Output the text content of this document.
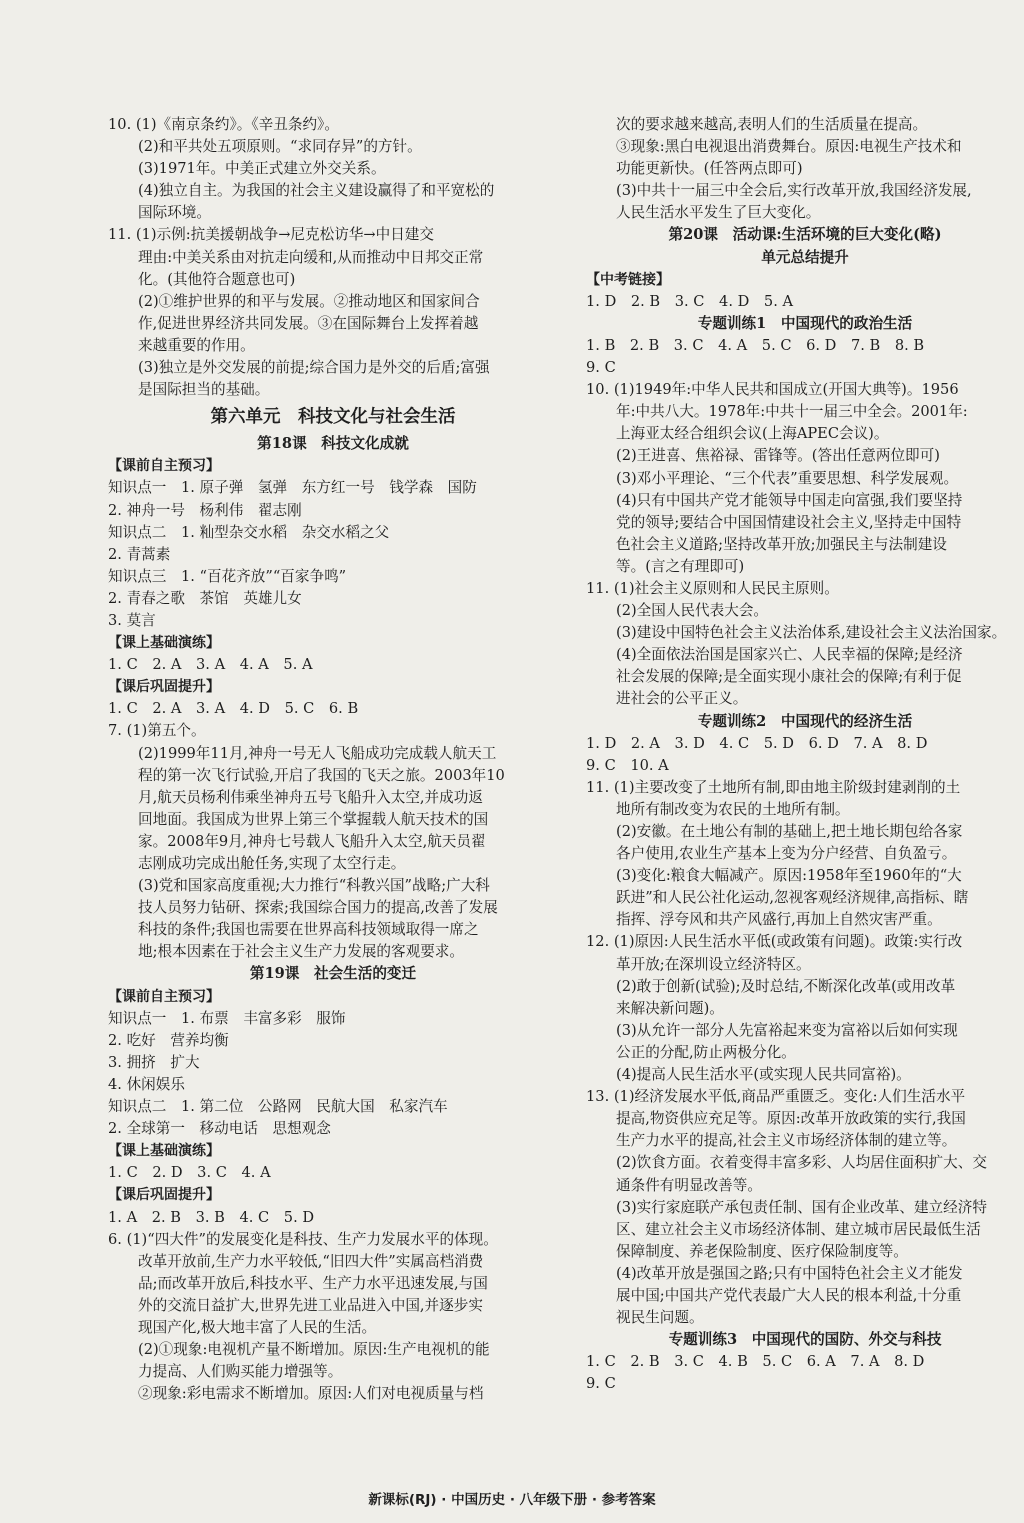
10. (1)《南京条约》。《辛丑条约》。
(2)和平共处五项原则。“求同存异”的方针。
(3)1971年。中美正式建立外交关系。
(4)独立自主。为我国的社会主义建设赢得了和平宽松的
国际环境。
11. (1)示例:抗美援朝战争→尼克松访华→中日建交
理由:中美关系由对抗走向缓和,从而推动中日邦交正常
化。(其他符合题意也可)
(2)①维护世界的和平与发展。②推动地区和国家间合
作,促进世界经济共同发展。③在国际舞台上发挥着越
来越重要的作用。
(3)独立是外交发展的前提;综合国力是外交的后盾;富强
是国际担当的基础。
第六单元　科技文化与社会生活
第18课　科技文化成就
【课前自主预习】
知识点一　1. 原子弹　氢弹　东方红一号　钱学森　国防
2. 神舟一号　杨利伟　翟志刚
知识点二　1. 籼型杂交水稻　杂交水稻之父
2. 青蒿素
知识点三　1. “百花齐放”“百家争鸣”
2. 青春之歌　茶馆　英雄儿女
3. 莫言
【课上基础演练】
1. C　2. A　3. A　4. A　5. A
【课后巩固提升】
1. C　2. A　3. A　4. D　5. C　6. B
7. (1)第五个。
(2)1999年11月,神舟一号无人飞船成功完成载人航天工
程的第一次飞行试验,开启了我国的飞天之旅。2003年10
月,航天员杨利伟乘坐神舟五号飞船升入太空,并成功返
回地面。我国成为世界上第三个掌握载人航天技术的国
家。2008年9月,神舟七号载人飞船升入太空,航天员翟
志刚成功完成出舱任务,实现了太空行走。
(3)党和国家高度重视;大力推行“科教兴国”战略;广大科
技人员努力钻研、探索;我国综合国力的提高,改善了发展
科技的条件;我国也需要在世界高科技领域取得一席之
地;根本因素在于社会主义生产力发展的客观要求。
第19课　社会生活的变迁
【课前自主预习】
知识点一　1. 布票　丰富多彩　服饰
2. 吃好　营养均衡
3. 拥挤　扩大
4. 休闲娱乐
知识点二　1. 第二位　公路网　民航大国　私家汽车
2. 全球第一　移动电话　思想观念
【课上基础演练】
1. C　2. D　3. C　4. A
【课后巩固提升】
1. A　2. B　3. B　4. C　5. D
6. (1)“四大件”的发展变化是科技、生产力发展水平的体现。
改革开放前,生产力水平较低,“旧四大件”实属高档消费
品;而改革开放后,科技水平、生产力水平迅速发展,与国
外的交流日益扩大,世界先进工业品进入中国,并逐步实
现国产化,极大地丰富了人民的生活。
(2)①现象:电视机产量不断增加。原因:生产电视机的能
力提高、人们购买能力增强等。
②现象:彩电需求不断增加。原因:人们对电视质量与档
次的要求越来越高,表明人们的生活质量在提高。
③现象:黑白电视退出消费舞台。原因:电视生产技术和
功能更新快。(任答两点即可)
(3)中共十一届三中全会后,实行改革开放,我国经济发展,
人民生活水平发生了巨大变化。
第20课　活动课:生活环境的巨大变化(略)
单元总结提升
【中考链接】
1. D　2. B　3. C　4. D　5. A
专题训练1　中国现代的政治生活
1. B　2. B　3. C　4. A　5. C　6. D　7. B　8. B
9. C
10. (1)1949年:中华人民共和国成立(开国大典等)。1956
年:中共八大。1978年:中共十一届三中全会。2001年:
上海亚太经合组织会议(上海APEC会议)。
(2)王进喜、焦裕禄、雷锋等。(答出任意两位即可)
(3)邓小平理论、“三个代表”重要思想、科学发展观。
(4)只有中国共产党才能领导中国走向富强,我们要坚持
党的领导;要结合中国国情建设社会主义,坚持走中国特
色社会主义道路;坚持改革开放;加强民主与法制建设
等。(言之有理即可)
11. (1)社会主义原则和人民民主原则。
(2)全国人民代表大会。
(3)建设中国特色社会主义法治体系,建设社会主义法治国家。
(4)全面依法治国是国家兴亡、人民幸福的保障;是经济
社会发展的保障;是全面实现小康社会的保障;有利于促
进社会的公平正义。
专题训练2　中国现代的经济生活
1. D　2. A　3. D　4. C　5. D　6. D　7. A　8. D
9. C　10. A
11. (1)主要改变了土地所有制,即由地主阶级封建剥削的土
地所有制改变为农民的土地所有制。
(2)安徽。在土地公有制的基础上,把土地长期包给各家
各户使用,农业生产基本上变为分户经营、自负盈亏。
(3)变化:粮食大幅减产。原因:1958年至1960年的“大
跃进”和人民公社化运动,忽视客观经济规律,高指标、瞎
指挥、浮夸风和共产风盛行,再加上自然灾害严重。
12. (1)原因:人民生活水平低(或政策有问题)。政策:实行改
革开放;在深圳设立经济特区。
(2)敢于创新(试验);及时总结,不断深化改革(或用改革
来解决新问题)。
(3)从允许一部分人先富裕起来变为富裕以后如何实现
公正的分配,防止两极分化。
(4)提高人民生活水平(或实现人民共同富裕)。
13. (1)经济发展水平低,商品严重匮乏。变化:人们生活水平
提高,物资供应充足等。原因:改革开放政策的实行,我国
生产力水平的提高,社会主义市场经济体制的建立等。
(2)饮食方面。衣着变得丰富多彩、人均居住面积扩大、交
通条件有明显改善等。
(3)实行家庭联产承包责任制、国有企业改革、建立经济特
区、建立社会主义市场经济体制、建立城市居民最低生活
保障制度、养老保险制度、医疗保险制度等。
(4)改革开放是强国之路;只有中国特色社会主义才能发
展中国;中国共产党代表最广大人民的根本利益,十分重
视民生问题。
专题训练3　中国现代的国防、外交与科技
1. C　2. B　3. C　4. B　5. C　6. A　7. A　8. D
9. C
新课标(RJ) · 中国历史 · 八年级下册 · 参考答案
